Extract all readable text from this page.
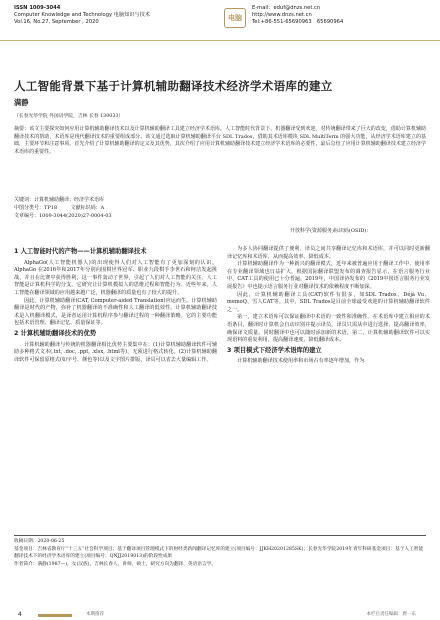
ISSN 1009-3044
Computer Knowledge and Technology 电脑知识与技术
Vol.16, No.27, September , 2020	电脑
E-mail：eduf@dnzs.net.cn
http://www.dnzs.net.cn
Tel:+86-551-65690963　65690964
人工智能背景下基于计算机辅助翻译技术经济学术语库的建立
满静
（长春光华学院 外国语学院，吉林 长春 130033）
摘要：该文主要探究如何应用计算机辅助翻译技术以及计算机辅助翻译工具建立经济学术语库。人工智能时代背景下，机器翻译受到欢迎，对传统翻译带来了巨大的改变，借助计算机辅助翻译技术的帮助，术语库是现代翻译技术的重要组成部分。该文通过选取计算机辅助翻译平台 SDL Trados，借助其术语库模块 SDL MultiTerm 的强大功能，从经济学术语库建立的基础，主要环节和注意事项。首先介绍了计算机辅助翻译的定义及其优势，其次介绍了应用计算机辅助翻译技术建立经济学术语库的必要性，最后总结了应用计算机辅助翻译技术建立经济学术语库的重要性。
关键词：计算机辅助翻译；经济学术语库
中图分类号：TP18	文献标识码：A
文章编号：1009-3044(2020)27-0004-03
开放科学(资源服务)标识码(OSID)：
1 人工智能时代的产物——计算机辅助翻译技术

AlphaGo(人工智能机器人)的出现使得人们对人工智能有了更加深刻的认识。AlphaGo 在2016年和2017年分别向围棋世界冠军、职业九段棋手李世石和柯洁发起挑战，并且在比赛中获得胜利，这一事件轰动了世界，引起了人们对人工智能的关注。人工智能是计算机科学的分支，它研究让计算机模拟人的思维过程和智能行为。近些年来，人工智能在翻译领域的应用越来越广泛，机器翻译的质量也有了较大的提升。

因此，计算机辅助翻译(CAT, Computer-aided Translation)应运而生。计算机辅助翻译是时代的产物，弥补了机器翻译的不准确性和人工翻译的低效性。计算机辅助翻译技术是人机翻译模式，是译者运用计算机程序参与翻译过程的一种翻译策略。它的主要功能包括术语管理、翻译记忆、质量保证等。

2 计算机辅助翻译技术的优势

计算机辅助翻译与传统的机器翻译相比优势主要集中在：(1)计算机辅助翻译软件可辅助多种格式文本(.txt, .doc, .ppt, .xlsx, .html等)，无须进行格式转化。(2)计算机辅助翻译软件可保留原格式(如字号、颜色等)以及文字图片排版，译员可以省去大量编辑工作。

为多人协同翻译提供了便利，译员之间共享翻译记忆库和术语库，并可以同时更新翻译记忆库和术语库，从而提高效率、降低成本。

计算机辅助翻译作为一种新兴的翻译模式，近年来被普遍应用于翻译工作中，使用率在专业翻译领域也日益扩大。根据国际翻译联盟发布的调查报告显示，在语言服务行业中，CAT工具的使用已十分普遍。2019年，中国译协发布的《2019中国语言服务行业发展报告》中也提示语言服务行业对翻译技术的依赖程度不断加深。

因此，计算机辅助翻译工具(CAT)软件有很多，如SDL Trados、Déjà Vu、memoQ、雪人CAT等。其中，SDL Trados是目前全球最受欢迎的计算机辅助翻译软件之一。

第一，建立术语库可以保证翻译中术语的一致性和准确性。在术语库中建立相应的术语条目，翻译时计算机会自动识别并提示译员，译员只需从中进行选择，提高翻译效率，确保译文质量。同时翻译中也可以随时添加新的术语。第二，计算机辅助翻译软件可以实现语料的重复利用，提高翻译速度，降低翻译成本。

3 项目模式下经济学术语库的建立

计算机辅助翻译技术使用率和市场占有率逐年增加，作为

收稿日期：2020-06-25
基金项目：吉林省教育厅“十三五”社会科学项目；基于翻译项目管理模式下的财经类新闻翻译记忆库的建立(项目编号：JJKH20201285SK)；长春光华学院2019年青年科研基金项目：基于人工智能翻译技术下的经济学术语库的建立(项目编号：QNJJ2019013)的阶段性成果
作者简介：满静(1987—)，女(汉族)，吉林长春人，讲师，硕士，研究方向为翻译、英语语言学。
4	本期推荐	本栏目责任编辑：唐一东
